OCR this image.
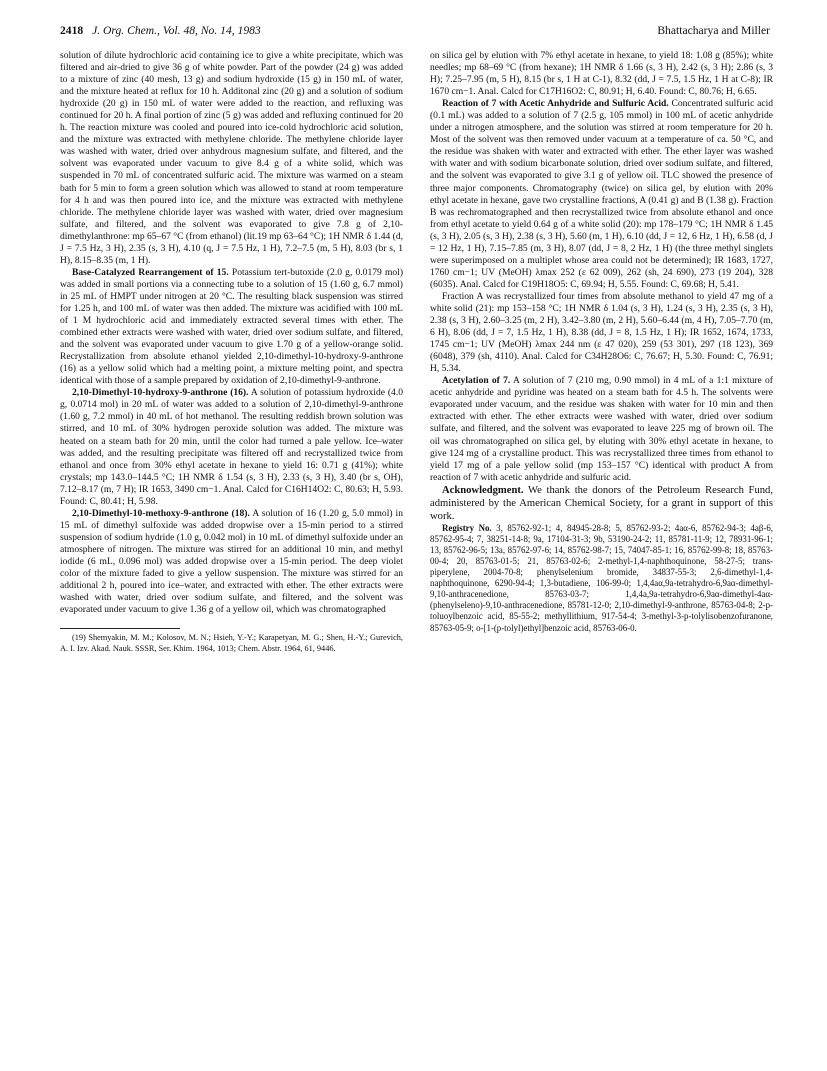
2418 J. Org. Chem., Vol. 48, No. 14, 1983	Bhattacharya and Miller

solution of dilute hydrochloric acid containing ice to give a white precipitate, which was filtered and air-dried to give 36 g of white powder. Part of the powder (24 g) was added to a mixture of zinc (40 mesh, 13 g) and sodium hydroxide (15 g) in 150 mL of water, and the mixture heated at reflux for 10 h. Additonal zinc (20 g) and a solution of sodium hydroxide (20 g) in 150 mL of water were added to the reaction, and refluxing was continued for 20 h. A final portion of zinc (5 g) was added and refluxing continued for 20 h. The reaction mixture was cooled and poured into ice-cold hydrochloric acid solution, and the mixture was extracted with methylene chloride. The methylene chloride layer was washed with water, dried over anhydrous magnesium sulfate, and filtered, and the solvent was evaporated under vacuum to give 8.4 g of a white solid, which was suspended in 70 mL of concentrated sulfuric acid. The mixture was warmed on a steam bath for 5 min to form a green solution which was allowed to stand at room temperature for 4 h and was then poured into ice, and the mixture was extracted with methylene chloride. The methylene chloride layer was washed with water, dried over magnesium sulfate, and filtered, and the solvent was evaporated to give 7.8 g of 2,10-dimethylanthrone: mp 65–67 °C (from ethanol) (lit.19 mp 63–64 °C); 1H NMR δ 1.44 (d, J = 7.5 Hz, 3 H), 2.35 (s, 3 H), 4.10 (q, J = 7.5 Hz, 1 H), 7.2–7.5 (m, 5 H), 8.03 (br s, 1 H), 8.15–8.35 (m, 1 H).

Base-Catalyzed Rearrangement of 15. Potassium tert-butoxide (2.0 g, 0.0179 mol) was added in small portions via a connecting tube to a solution of 15 (1.60 g, 6.7 mmol) in 25 mL of HMPT under nitrogen at 20 °C. The resulting black suspension was stirred for 1.25 h, and 100 mL of water was then added. The mixture was acidified with 100 mL of 1 M hydrochloric acid and immediately extracted several times with ether. The combined ether extracts were washed with water, dried over sodium sulfate, and filtered, and the solvent was evaporated under vacuum to give 1.70 g of a yellow-orange solid. Recrystallization from absolute ethanol yielded 2,10-dimethyl-10-hydroxy-9-anthrone (16) as a yellow solid which had a melting point, a mixture melting point, and spectra identical with those of a sample prepared by oxidation of 2,10-dimethyl-9-anthrone.

2,10-Dimethyl-10-hydroxy-9-anthrone (16). A solution of potassium hydroxide (4.0 g, 0.0714 mol) in 20 mL of water was added to a solution of 2,10-dimethyl-9-anthrone (1.60 g, 7.2 mmol) in 40 mL of hot methanol. The resulting reddish brown solution was stirred, and 10 mL of 30% hydrogen peroxide solution was added. The mixture was heated on a steam bath for 20 min, until the color had turned a pale yellow. Ice–water was added, and the resulting precipitate was filtered off and recrystallized twice from ethanol and once from 30% ethyl acetate in hexane to yield 16: 0.71 g (41%); white crystals; mp 143.0–144.5 °C; 1H NMR δ 1.54 (s, 3 H), 2.33 (s, 3 H), 3.40 (br s, OH), 7.12–8.17 (m, 7 H); IR 1653, 3490 cm−1. Anal. Calcd for C16H14O2: C, 80.63; H, 5.93. Found: C, 80.41; H, 5.98.

2,10-Dimethyl-10-methoxy-9-anthrone (18). A solution of 16 (1.20 g, 5.0 mmol) in 15 mL of dimethyl sulfoxide was added dropwise over a 15-min period to a stirred suspension of sodium hydride (1.0 g, 0.042 mol) in 10 mL of dimethyl sulfoxide under an atmosphere of nitrogen. The mixture was stirred for an additional 10 min, and methyl iodide (6 mL, 0.096 mol) was added dropwise over a 15-min period. The deep violet color of the mixture faded to give a yellow suspension. The mixture was stirred for an additional 2 h, poured into ice–water, and extracted with ether. The ether extracts were washed with water, dried over sodium sulfate, and filtered, and the solvent was evaporated under vacuum to give 1.36 g of a yellow oil, which was chromatographed

(19) Shemyakin, M. M.; Kolosov, M. N.; Hsieh, Y.-Y.; Karapetyan, M. G.; Shen, H.-Y.; Gurevich, A. I. Izv. Akad. Nauk. SSSR, Ser. Khim. 1964, 1013; Chem. Abstr. 1964, 61, 9446.

on silica gel by elution with 7% ethyl acetate in hexane, to yield 18: 1.08 g (85%); white needles; mp 68–69 °C (from hexane); 1H NMR δ 1.66 (s, 3 H), 2.42 (s, 3 H); 2.86 (s, 3 H); 7.25–7.95 (m, 5 H), 8.15 (br s, 1 H at C-1), 8.32 (dd, J = 7.5, 1.5 Hz, 1 H at C-8); IR 1670 cm−1. Anal. Calcd for C17H16O2: C, 80.91; H, 6.40. Found: C, 80.76; H, 6.65.

Reaction of 7 with Acetic Anhydride and Sulfuric Acid. Concentrated sulfuric acid (0.1 mL) was added to a solution of 7 (2.5 g, 105 mmol) in 100 mL of acetic anhydride under a nitrogen atmosphere, and the solution was stirred at room temperature for 20 h. Most of the solvent was then removed under vacuum at a temperature of ca. 50 °C, and the residue was shaken with water and extracted with ether. The ether layer was washed with water and with sodium bicarbonate solution, dried over sodium sulfate, and filtered, and the solvent was evaporated to give 3.1 g of yellow oil. TLC showed the presence of three major components. Chromatography (twice) on silica gel, by elution with 20% ethyl acetate in hexane, gave two crystalline fractions, A (0.41 g) and B (1.38 g). Fraction B was rechromatographed and then recrystallized twice from absolute ethanol and once from ethyl acetate to yield 0.64 g of a white solid (20): mp 178–179 °C; 1H NMR δ 1.45 (s, 3 H), 2.05 (s, 3 H), 2.38 (s, 3 H), 5.60 (m, 1 H), 6.10 (dd, J = 12, 6 Hz, 1 H), 6.58 (d, J = 12 Hz, 1 H), 7.15–7.85 (m, 3 H), 8.07 (dd, J = 8, 2 Hz, 1 H) (the three methyl singlets were superimposed on a multiplet whose area could not be determined); IR 1683, 1727, 1760 cm−1; UV (MeOH) λmax 252 (ε 62 009), 262 (sh, 24 690), 273 (19 204), 328 (6035). Anal. Calcd for C19H18O5: C, 69.94; H, 5.55. Found: C, 69.68; H, 5.41.

Fraction A was recrystallized four times from absolute methanol to yield 47 mg of a white solid (21): mp 153–158 °C; 1H NMR δ 1.04 (s, 3 H), 1.24 (s, 3 H), 2.35 (s, 3 H), 2.38 (s, 3 H), 2.60–3.25 (m, 2 H), 3.42–3.80 (m, 2 H), 5.60–6.44 (m, 4 H), 7.05–7.70 (m, 6 H), 8.06 (dd, J = 7, 1.5 Hz, 1 H), 8.38 (dd, J = 8, 1.5 Hz, 1 H); IR 1652, 1674, 1733, 1745 cm−1; UV (MeOH) λmax 244 nm (ε 47 020), 259 (53 301), 297 (18 123), 369 (6048), 379 (sh, 4110). Anal. Calcd for C34H28O6: C, 76.67; H, 5.30. Found: C, 76.91; H, 5.34.

Acetylation of 7. A solution of 7 (210 mg, 0.90 mmol) in 4 mL of a 1:1 mixture of acetic anhydride and pyridine was heated on a steam bath for 4.5 h. The solvents were evaporated under vacuum, and the residue was shaken with water for 10 min and then extracted with ether. The ether extracts were washed with water, dried over sodium sulfate, and filtered, and the solvent was evaporated to leave 225 mg of brown oil. The oil was chromatographed on silica gel, by eluting with 30% ethyl acetate in hexane, to give 124 mg of a crystalline product. This was recrystallized three times from ethanol to yield 17 mg of a pale yellow solid (mp 153–157 °C) identical with product A from reaction of 7 with acetic anhydride and sulfuric acid.

Acknowledgment. We thank the donors of the Petroleum Research Fund, administered by the American Chemical Society, for a grant in support of this work.

Registry No. 3, 85762-92-1; 4, 84945-28-8; 5, 85762-93-2; 4aα-6, 85762-94-3; 4aβ-6, 85762-95-4; 7, 38251-14-8; 9a, 17104-31-3; 9b, 53190-24-2; 11, 85781-11-9; 12, 78931-96-1; 13, 85762-96-5; 13a, 85762-97-6; 14, 85762-98-7; 15, 74047-85-1; 16, 85762-99-8; 18, 85763-00-4; 20, 85763-01-5; 21, 85763-02-6; 2-methyl-1,4-naphthoquinone, 58-27-5; trans-piperylene, 2004-70-8; phenylselenium bromide, 34837-55-3; 2,6-dimethyl-1,4-naphthoquinone, 6290-94-4; 1,3-butadiene, 106-99-0; 1,4,4aα,9a-tetrahydro-6,9aα-dimethyl-9,10-anthracenedione, 85763-03-7; 1,4,4a,9a-tetrahydro-6,9aα-dimethyl-4aα-(phenylseleno)-9,10-anthracenedione, 85781-12-0; 2,10-dimethyl-9-anthrone, 85763-04-8; 2-p-toluoylbenzoic acid, 85-55-2; methyllithium, 917-54-4; 3-methyl-3-p-tolylisobenzofuranone, 85763-05-9; o-[1-(p-tolyl)ethyl]benzoic acid, 85763-06-0.
